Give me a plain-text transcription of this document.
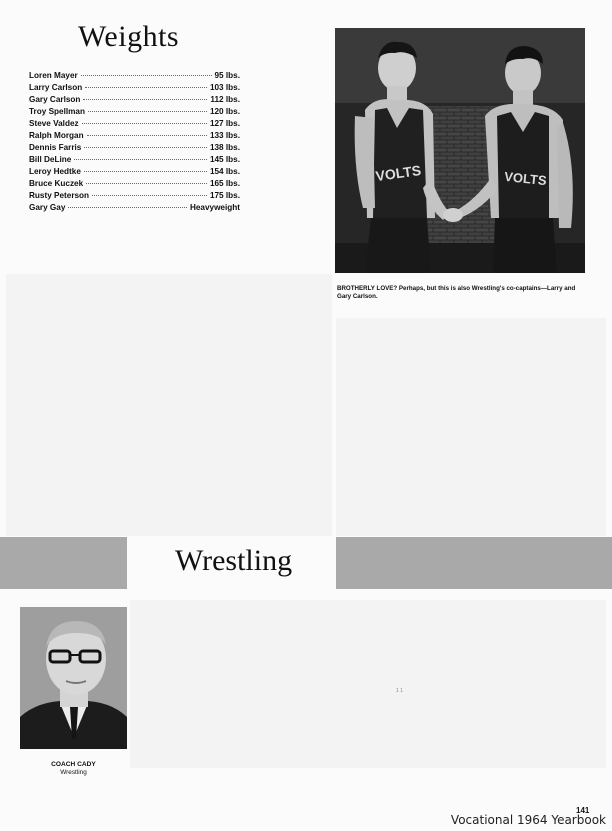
Weights
Loren Mayer	95 lbs.
Larry Carlson	103 lbs.
Gary Carlson	112 lbs.
Troy Spellman	120 lbs.
Steve Valdez	127 lbs.
Ralph Morgan	133 lbs.
Dennis Farris	138 lbs.
Bill DeLine	145 lbs.
Leroy Hedtke	154 lbs.
Bruce Kuczek	165 lbs.
Rusty Peterson	175 lbs.
Gary Gay	Heavyweight
VOLTS	VOLTS

BROTHERLY LOVE? Perhaps, but this is also Wrestling's co-captains—Larry and Gary Carlson.

Wrestling
COACH CADY
Wrestling
1 1
141
Vocational 1964 Yearbook
